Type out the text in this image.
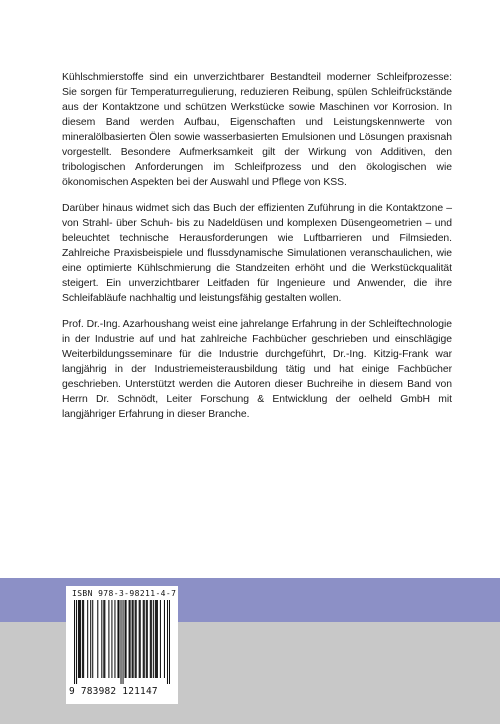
Kühlschmierstoffe sind ein unverzichtbarer Bestandteil moderner Schleifprozesse: Sie sorgen für Temperaturregulierung, reduzieren Reibung, spülen Schleifrückstände aus der Kontaktzone und schützen Werkstücke sowie Maschinen vor Korrosion. In diesem Band werden Aufbau, Eigenschaften und Leistungskennwerte von mineralölbasierten Ölen sowie wasserbasierten Emulsionen und Lösungen praxisnah vorgestellt. Besondere Aufmerksamkeit gilt der Wirkung von Additiven, den tribologischen Anforderungen im Schleifprozess und den ökologischen wie ökonomischen Aspekten bei der Auswahl und Pflege von KSS.

Darüber hinaus widmet sich das Buch der effizienten Zuführung in die Kontaktzone – von Strahl- über Schuh- bis zu Nadeldüsen und komplexen Düsengeometrien – und beleuchtet technische Herausforderungen wie Luftbarrieren und Filmsieden. Zahlreiche Praxisbeispiele und flussdynamische Simulationen veranschaulichen, wie eine optimierte Kühlschmierung die Standzeiten erhöht und die Werkstückqualität steigert. Ein unverzichtbarer Leitfaden für Ingenieure und Anwender, die ihre Schleifabläufe nachhaltig und leistungsfähig gestalten wollen.

Prof. Dr.-Ing. Azarhoushang weist eine jahrelange Erfahrung in der Schleiftechnologie in der Industrie auf und hat zahlreiche Fachbücher geschrieben und einschlägige Weiterbildungsseminare für die Industrie durchgeführt, Dr.-Ing. Kitzig-Frank war langjährig in der Industriemeisterausbildung tätig und hat einige Fachbücher geschrieben. Unterstützt werden die Autoren dieser Buchreihe in diesem Band von Herrn Dr. Schnödt, Leiter Forschung & Entwicklung der oelheld GmbH mit langjähriger Erfahrung in dieser Branche.

ISBN 978-3-98211-4-7
9 783982 121147
